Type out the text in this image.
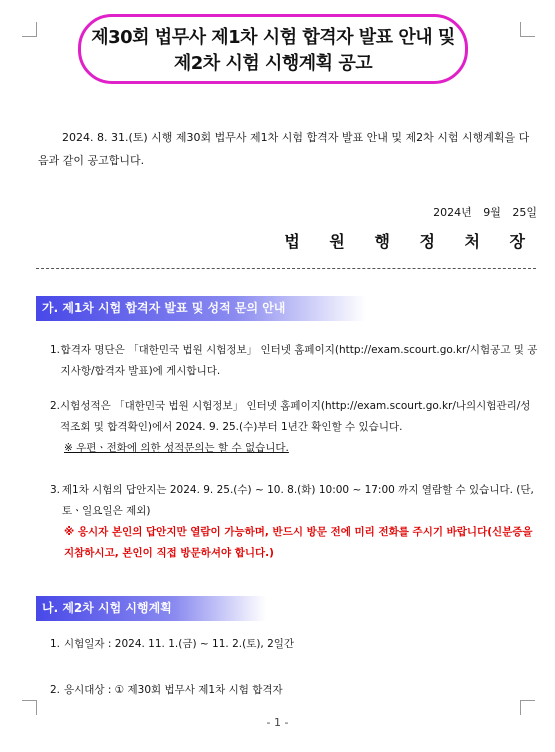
제30회 법무사 제1차 시험 합격자 발표 안내 및
제2차 시험 시행계획 공고
2024. 8. 31.(토) 시행 제30회 법무사 제1차 시험 합격자 발표 안내 및 제2차 시험 시행계획을 다음과 같이 공고합니다.
2024년 9월 25일
법 원 행 정 처 장
가. 제1차 시험 합격자 발표 및 성적 문의 안내
1. 합격자 명단은 「대한민국 법원 시험정보」 인터넷 홈페이지(http://exam.scourt.go.kr/시험공고 및 공지사항/합격자 발표)에 게시합니다.
2. 시험성적은 「대한민국 법원 시험정보」 인터넷 홈페이지(http://exam.scourt.go.kr/나의시험관리/성적조회 및 합격확인)에서 2024. 9. 25.(수)부터 1년간 확인할 수 있습니다.
※ 우편ㆍ전화에 의한 성적문의는 할 수 없습니다.
3. 제1차 시험의 답안지는 2024. 9. 25.(수) ~ 10. 8.(화) 10:00 ~ 17:00 까지 열람할 수 있습니다. (단, 토ㆍ일요일은 제외)
※ 응시자 본인의 답안지만 열람이 가능하며, 반드시 방문 전에 미리 전화를 주시기 바랍니다(신분증을 지참하시고, 본인이 직접 방문하셔야 합니다.)
나. 제2차 시험 시행계획
1. 시험일자 : 2024. 11. 1.(금) ~ 11. 2.(토), 2일간
2. 응시대상 : ① 제30회 법무사 제1차 시험 합격자
- 1 -
